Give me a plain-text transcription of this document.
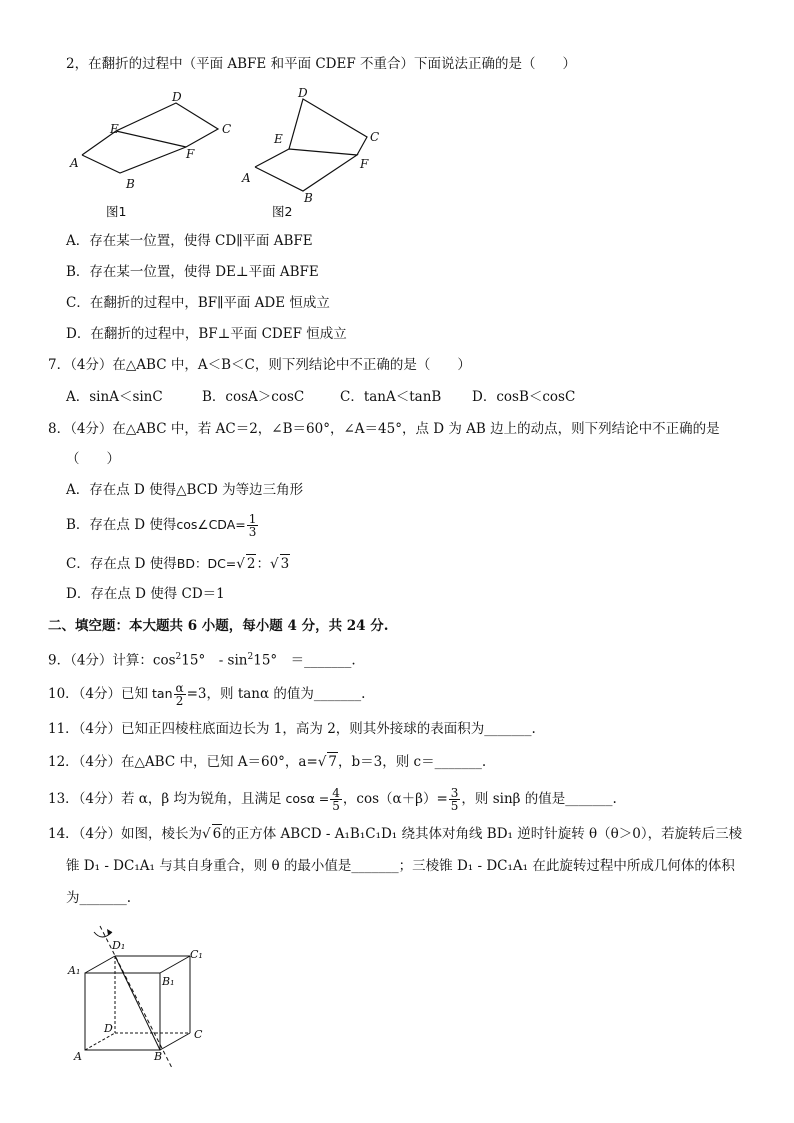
2，在翻折的过程中（平面 ABFE 和平面 CDEF 不重合）下面说法正确的是（　　）
A
B
C
D
E
F
图1
A
B
C
D
E
F
图2
A．存在某一位置，使得 CD∥平面 ABFE
B．存在某一位置，使得 DE⊥平面 ABFE
C．在翻折的过程中，BF∥平面 ADE 恒成立
D．在翻折的过程中，BF⊥平面 CDEF 恒成立
7．（4分）在△ABC 中，A＜B＜C，则下列结论中不正确的是（　　）
A．sinA＜sinC	B．cosA＞cosC	C．tanA＜tanB D．cosB＜cosC
8．（4分）在△ABC 中，若 AC＝2，∠B＝60°，∠A＝45°，点 D 为 AB 边上的动点，则下列结论中不正确的是
（　　）
A．存在点 D 使得△BCD 为等边三角形
B．存在点 D 使得cos∠CDA= $\frac{1}{3}$
C．存在点 D 使得BD：DC=√ 2：√ 3
D．存在点 D 使得 CD＝1
二、填空题：本大题共 6 小题，每小题 4 分，共 24 分.
9．（4分）计算：$\cos^215^\circ$　- $\sin^215^\circ$　＝_______.
10．（4分）已知 $\tan \frac{\alpha}{2} =3$，则 tanα 的值为_______.
11．（4分）已知正四棱柱底面边长为 1，高为 2，则其外接球的表面积为_______.
12．（4分）在△ABC 中，已知 A＝60°，a=√ 7，b＝3，则 c＝_______.
13．（4分）若 α，β 均为锐角，且满足 $\cos\alpha = \frac{4}{5}$ ，$\cos(\alpha+\beta)= \frac{3}{5}$ ，则 sinβ 的值是_______.
14．（4分）如图，棱长为√ 6的正方体 ABCD - A₁B₁C₁D₁ 绕其体对角线 BD₁ 逆时针旋转 θ（θ＞0），若旋转后三棱
锥 D₁ - DC₁A₁ 与其自身重合，则 θ 的最小值是_______；三棱锥 D₁ - DC₁A₁ 在此旋转过程中所成几何体的体积
为_______.
D₁
C₁
A₁
B₁
D	C
A	B
